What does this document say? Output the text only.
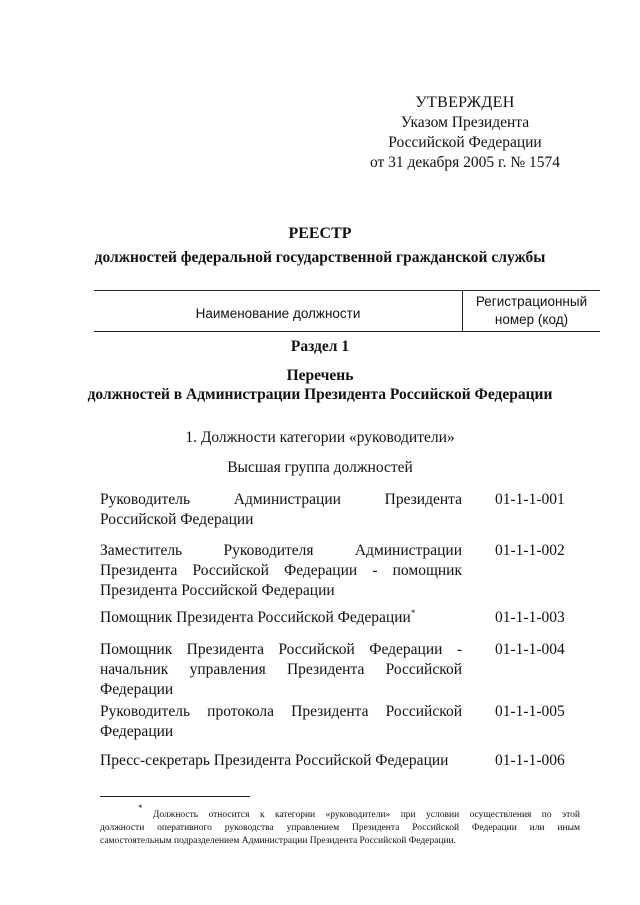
УТВЕРЖДЕН
Указом Президента
Российской Федерации
от 31 декабря 2005 г. № 1574
РЕЕСТР
должностей федеральной государственной гражданской службы
Наименование должности
Регистрационный
номер (код)
Раздел 1
Перечень
должностей в Администрации Президента Российской Федерации
1. Должности категории «руководители»
Высшая группа должностей
Руководитель Администрации Президента
Российской Федерации
01-1-1-001
Заместитель Руководителя Администрации
Президента Российской Федерации - помощник
Президента Российской Федерации
01-1-1-002
Помощник Президента Российской Федерации*	01-1-1-003
Помощник Президента Российской Федерации -
начальник управления Президента Российской
Федерации
01-1-1-004
Руководитель протокола Президента Российской
Федерации
01-1-1-005
Пресс-секретарь Президента Российской Федерации	01-1-1-006
* Должность относится к категории «руководители» при условии осуществления по этой
должности оперативного руководства управлением Президента Российской Федерации или иным
самостоятельным подразделением Администрации Президента Российской Федерации.
